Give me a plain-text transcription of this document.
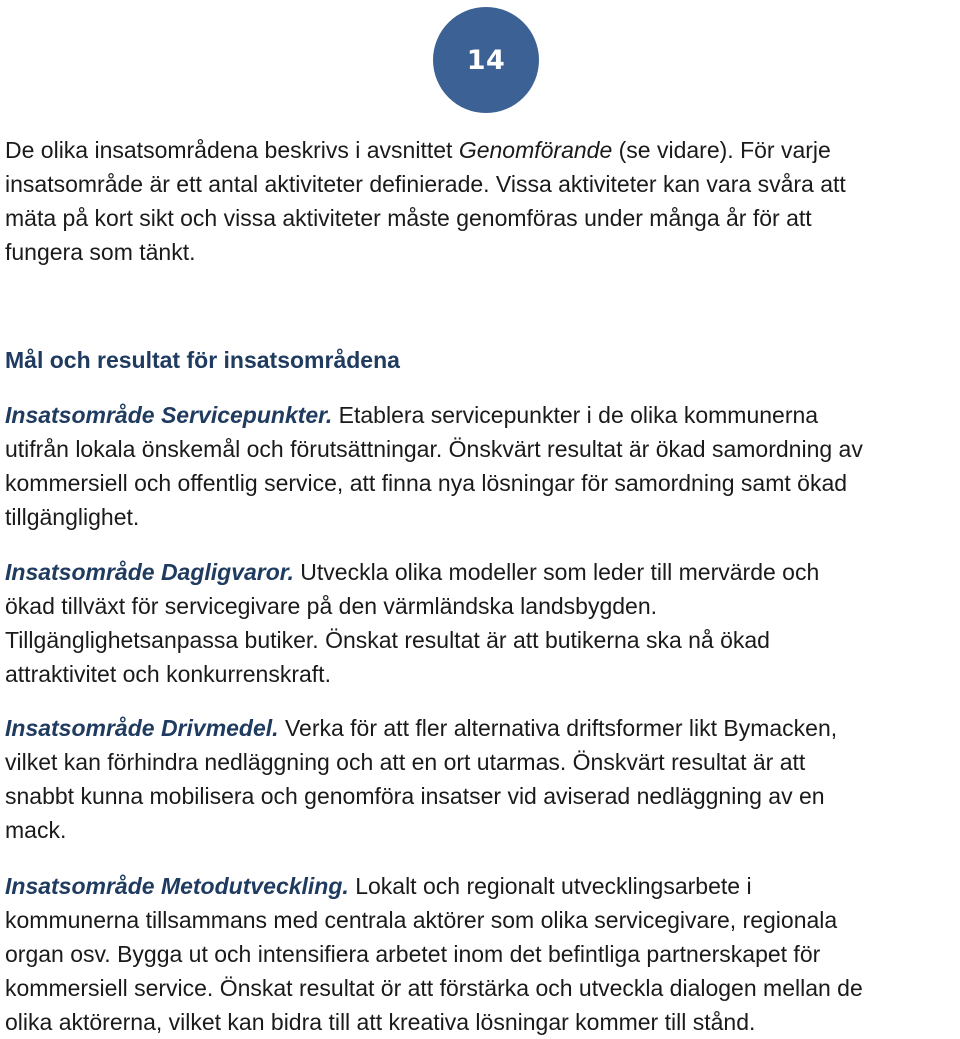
14

De olika insatsområdena beskrivs i avsnittet Genomförande (se vidare). För varje
insatsområde är ett antal aktiviteter definierade. Vissa aktiviteter kan vara svåra att
mäta på kort sikt och vissa aktiviteter måste genomföras under många år för att
fungera som tänkt.

Mål och resultat för insatsområdena

Insatsområde Servicepunkter. Etablera servicepunkter i de olika kommunerna
utifrån lokala önskemål och förutsättningar. Önskvärt resultat är ökad samordning av
kommersiell och offentlig service, att finna nya lösningar för samordning samt ökad
tillgänglighet.

Insatsområde Dagligvaror. Utveckla olika modeller som leder till mervärde och
ökad tillväxt för servicegivare på den värmländska landsbygden.
Tillgänglighetsanpassa butiker. Önskat resultat är att butikerna ska nå ökad
attraktivitet och konkurrenskraft.

Insatsområde Drivmedel. Verka för att fler alternativa driftsformer likt Bymacken,
vilket kan förhindra nedläggning och att en ort utarmas. Önskvärt resultat är att
snabbt kunna mobilisera och genomföra insatser vid aviserad nedläggning av en
mack.

Insatsområde Metodutveckling. Lokalt och regionalt utvecklingsarbete i
kommunerna tillsammans med centrala aktörer som olika servicegivare, regionala
organ osv. Bygga ut och intensifiera arbetet inom det befintliga partnerskapet för
kommersiell service. Önskat resultat ör att förstärka och utveckla dialogen mellan de
olika aktörerna, vilket kan bidra till att kreativa lösningar kommer till stånd.
